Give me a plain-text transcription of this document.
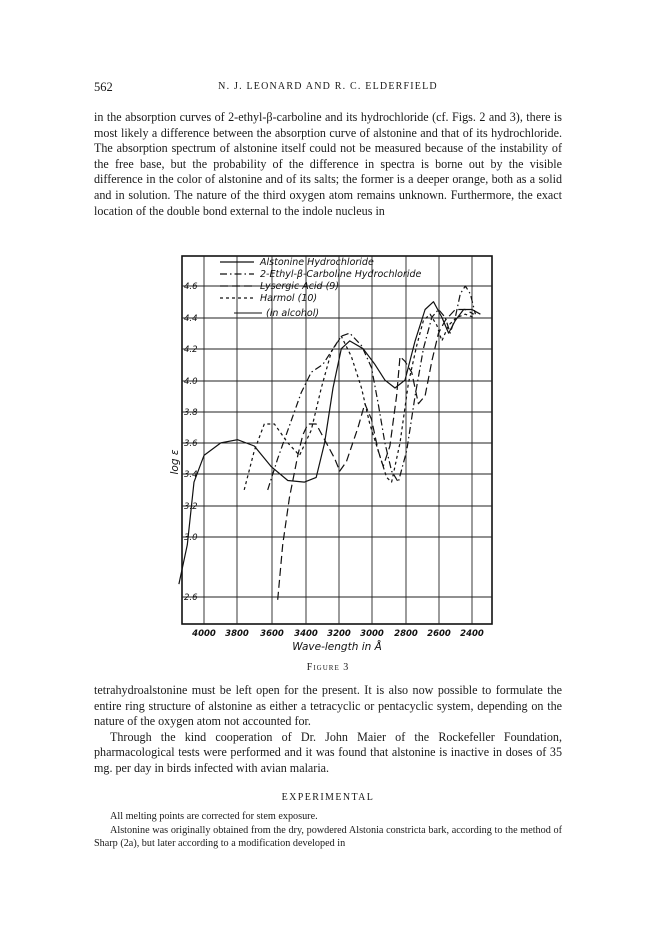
562	N. J. LEONARD AND R. C. ELDERFIELD

in the absorption curves of 2-ethyl-β-carboline and its hydrochloride (cf. Figs. 2 and 3), there is most likely a difference between the absorption curve of alstonine and that of its hydrochloride. The absorption spectrum of alstonine itself could not be measured because of the instability of the free base, but the probability of the difference in spectra is borne out by the visible difference in the color of alstonine and of its salts; the former is a deeper orange, both as a solid and in solution. The nature of the third oxygen atom remains unknown. Furthermore, the exact location of the double bond external to the indole nucleus in

4.6
4.4
4.2
4.0
3.8
3.6
3.4
3.2
3.0
2.6
4000 3800 3600 3400 3200 3000 2800 2600 2400
Wave-length in Å
log ε
Alstonine Hydrochloride
2-Ethyl-β-Carboline Hydrochloride
Lysergic Acid (9)
Harmol (10)
(in alcohol)
Figure 3

tetrahydroalstonine must be left open for the present. It is also now possible to formulate the entire ring structure of alstonine as either a tetracyclic or pentacyclic system, depending on the nature of the oxygen atom not accounted for.

Through the kind cooperation of Dr. John Maier of the Rockefeller Foundation, pharmacological tests were performed and it was found that alstonine is inactive in doses of 35 mg. per day in birds infected with avian malaria.

EXPERIMENTAL

All melting points are corrected for stem exposure.

Alstonine was originally obtained from the dry, powdered Alstonia constricta bark, according to the method of Sharp (2a), but later according to a modification developed in
